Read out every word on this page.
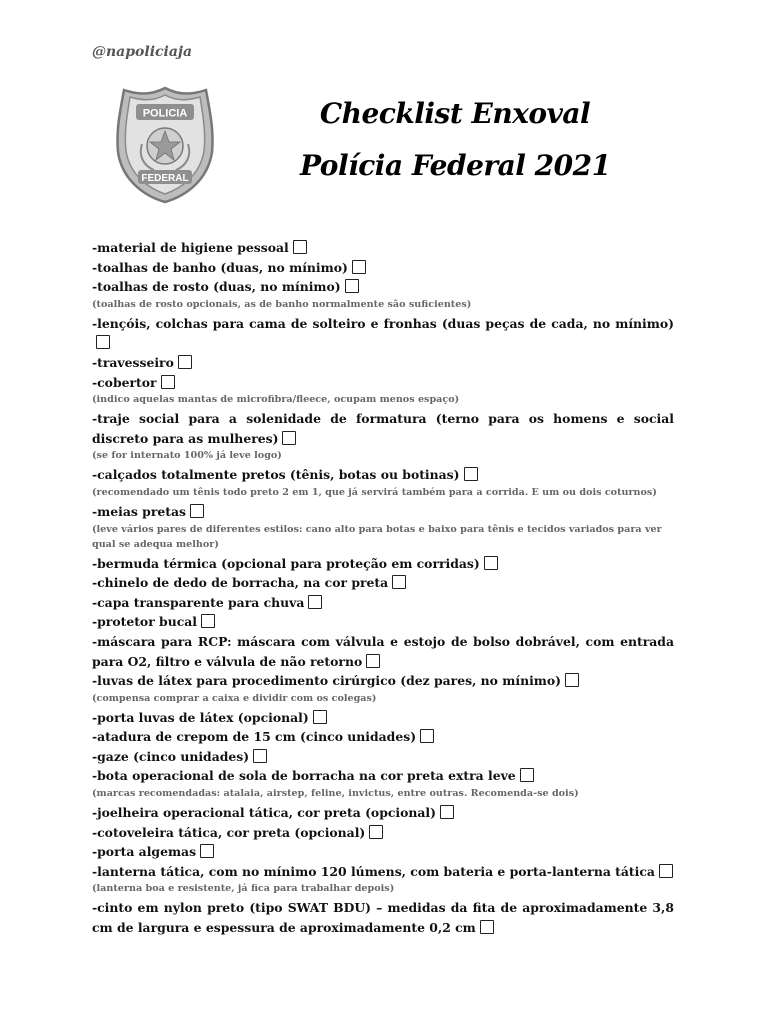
@napoliciaja
POLICIA
FEDERAL
Checklist Enxoval
Polícia Federal 2021
-material de higiene pessoal
-toalhas de banho (duas, no mínimo)
-toalhas de rosto (duas, no mínimo)
(toalhas de rosto opcionais, as de banho normalmente são suficientes)
-lençóis, colchas para cama de solteiro e fronhas (duas peças de cada, no mínimo)
-travesseiro
-cobertor
(indico aquelas mantas de microfibra/fleece, ocupam menos espaço)
-traje social para a solenidade de formatura (terno para os homens e social discreto para as mulheres)
(se for internato 100% já leve logo)
-calçados totalmente pretos (tênis, botas ou botinas)
(recomendado um tênis todo preto 2 em 1, que já servirá também para a corrida. E um ou dois coturnos)
-meias pretas
(leve vários pares de diferentes estilos: cano alto para botas e baixo para tênis e tecidos variados para ver qual se adequa melhor)
-bermuda térmica (opcional para proteção em corridas)
-chinelo de dedo de borracha, na cor preta
-capa transparente para chuva
-protetor bucal
-máscara para RCP: máscara com válvula e estojo de bolso dobrável, com entrada para O2, filtro e válvula de não retorno
-luvas de látex para procedimento cirúrgico (dez pares, no mínimo)
(compensa comprar a caixa e dividir com os colegas)
-porta luvas de látex (opcional)
-atadura de crepom de 15 cm (cinco unidades)
-gaze (cinco unidades)
-bota operacional de sola de borracha na cor preta extra leve
(marcas recomendadas: atalaia, airstep, feline, invictus, entre outras. Recomenda-se dois)
-joelheira operacional tática, cor preta (opcional)
-cotoveleira tática, cor preta (opcional)
-porta algemas
-lanterna tática, com no mínimo 120 lúmens, com bateria e porta-lanterna tática
(lanterna boa e resistente, já fica para trabalhar depois)
-cinto em nylon preto (tipo SWAT BDU) – medidas da fita de aproximadamente 3,8 cm de largura e espessura de aproximadamente 0,2 cm
